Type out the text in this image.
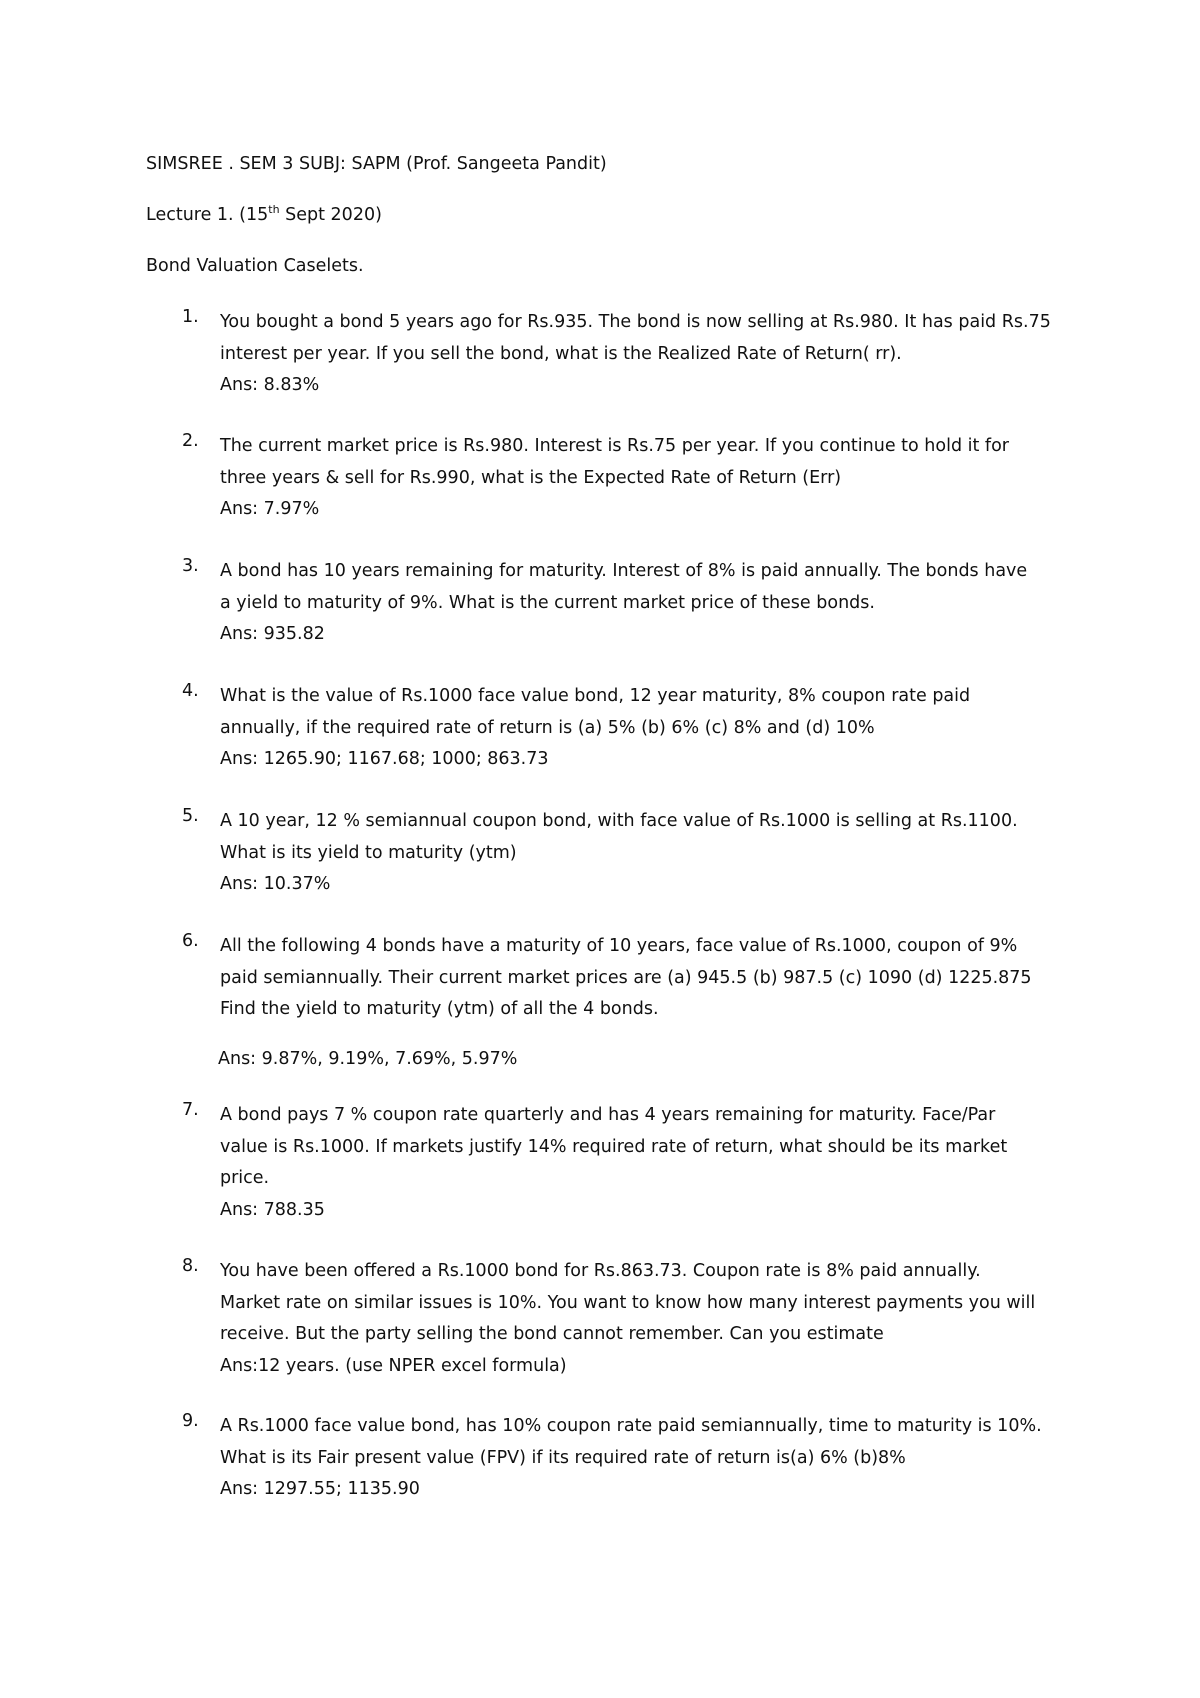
SIMSREE . SEM 3 SUBJ: SAPM (Prof. Sangeeta Pandit)
Lecture 1. (15th Sept 2020)
Bond Valuation Caselets.
1.	You bought a bond 5 years ago for Rs.935. The bond is now selling at Rs.980. It has paid Rs.75
interest per year. If you sell the bond, what is the Realized Rate of Return( rr).
Ans: 8.83%
2.	The current market price is Rs.980. Interest is Rs.75 per year. If you continue to hold it for
three years & sell for Rs.990, what is the Expected Rate of Return (Err)
Ans: 7.97%
3.	A bond has 10 years remaining for maturity. Interest of 8% is paid annually. The bonds have
a yield to maturity of 9%. What is the current market price of these bonds.
Ans: 935.82
4.	What is the value of Rs.1000 face value bond, 12 year maturity, 8% coupon rate paid
annually, if the required rate of return is (a) 5% (b) 6% (c) 8% and (d) 10%
Ans: 1265.90; 1167.68; 1000; 863.73
5.	A 10 year, 12 % semiannual coupon bond, with face value of Rs.1000 is selling at Rs.1100.
What is its yield to maturity (ytm)
Ans: 10.37%
6.	All the following 4 bonds have a maturity of 10 years, face value of Rs.1000, coupon of 9%
paid semiannually. Their current market prices are (a) 945.5 (b) 987.5 (c) 1090 (d) 1225.875
Find the yield to maturity (ytm) of all the 4 bonds.
Ans: 9.87%, 9.19%, 7.69%, 5.97%
7.	A bond pays 7 % coupon rate quarterly and has 4 years remaining for maturity. Face/Par
value is Rs.1000. If markets justify 14% required rate of return, what should be its market
price.
Ans: 788.35
8.	You have been offered a Rs.1000 bond for Rs.863.73. Coupon rate is 8% paid annually.
Market rate on similar issues is 10%. You want to know how many interest payments you will
receive. But the party selling the bond cannot remember. Can you estimate
Ans:12 years. (use NPER excel formula)
9.	A Rs.1000 face value bond, has 10% coupon rate paid semiannually, time to maturity is 10%.
What is its Fair present value (FPV) if its required rate of return is(a) 6% (b)8%
Ans: 1297.55; 1135.90
